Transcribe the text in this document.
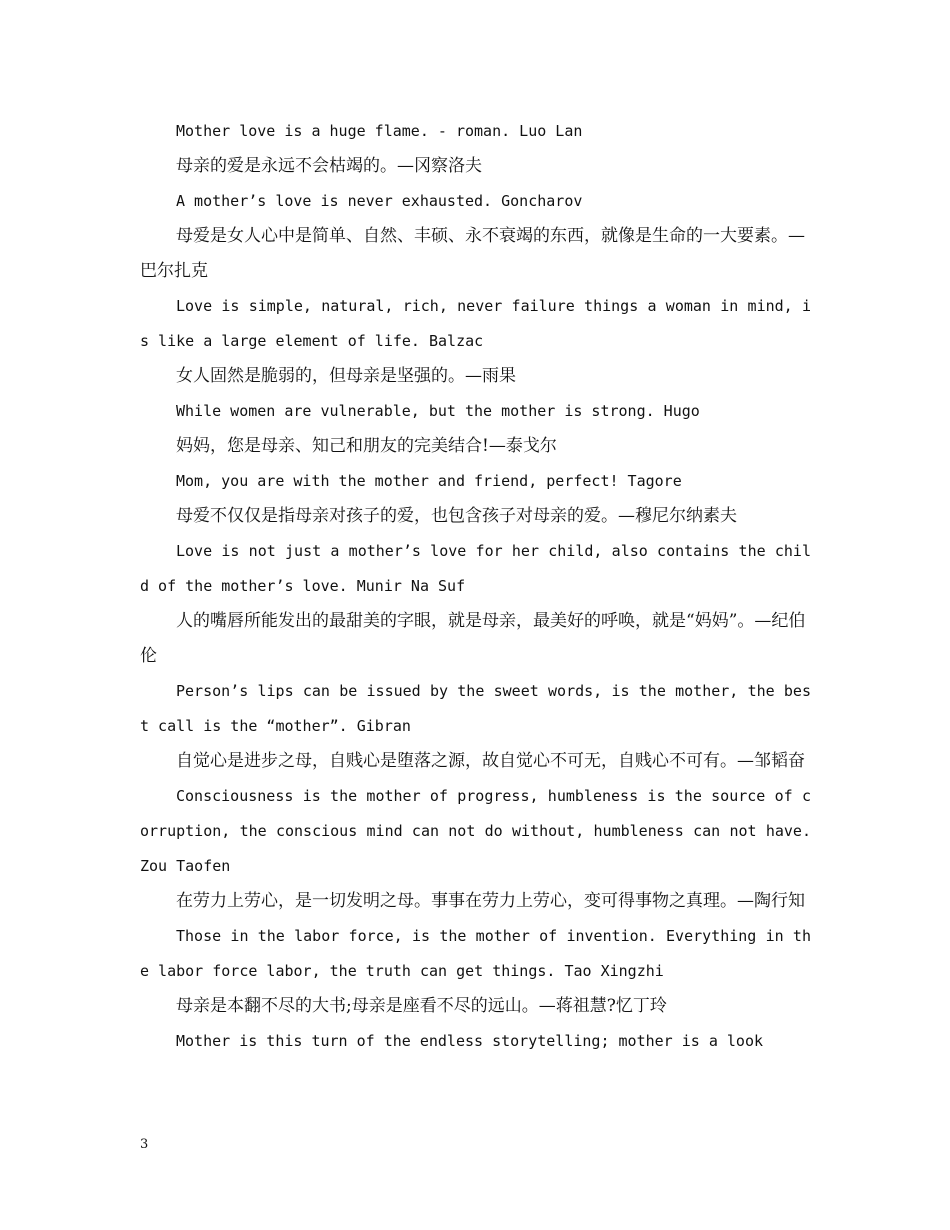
Mother love is a huge flame. - roman. Luo Lan

母亲的爱是永远不会枯竭的。—冈察洛夫

A mother’s love is never exhausted. Goncharov

母爱是女人心中是简单、自然、丰硕、永不衰竭的东西，就像是生命的一大要素。—巴尔扎克

Love is simple, natural, rich, never failure things a woman in mind, is like a large element of life. Balzac

女人固然是脆弱的，但母亲是坚强的。—雨果

While women are vulnerable, but the mother is strong. Hugo

妈妈，您是母亲、知己和朋友的完美结合!—泰戈尔

Mom, you are with the mother and friend, perfect! Tagore

母爱不仅仅是指母亲对孩子的爱，也包含孩子对母亲的爱。—穆尼尔纳素夫

Love is not just a mother’s love for her child, also contains the child of the mother’s love. Munir Na Suf

人的嘴唇所能发出的最甜美的字眼，就是母亲，最美好的呼唤，就是“妈妈”。—纪伯伦

Person’s lips can be issued by the sweet words, is the mother, the best call is the “mother”. Gibran

自觉心是进步之母，自贱心是堕落之源，故自觉心不可无，自贱心不可有。—邹韬奋

Consciousness is the mother of progress, humbleness is the source of corruption, the conscious mind can not do without, humbleness can not have. Zou Taofen

在劳力上劳心，是一切发明之母。事事在劳力上劳心，变可得事物之真理。—陶行知

Those in the labor force, is the mother of invention. Everything in the labor force labor, the truth can get things. Tao Xingzhi

母亲是本翻不尽的大书;母亲是座看不尽的远山。—蒋祖慧?忆丁玲

Mother is this turn of the endless storytelling; mother is a look

3
